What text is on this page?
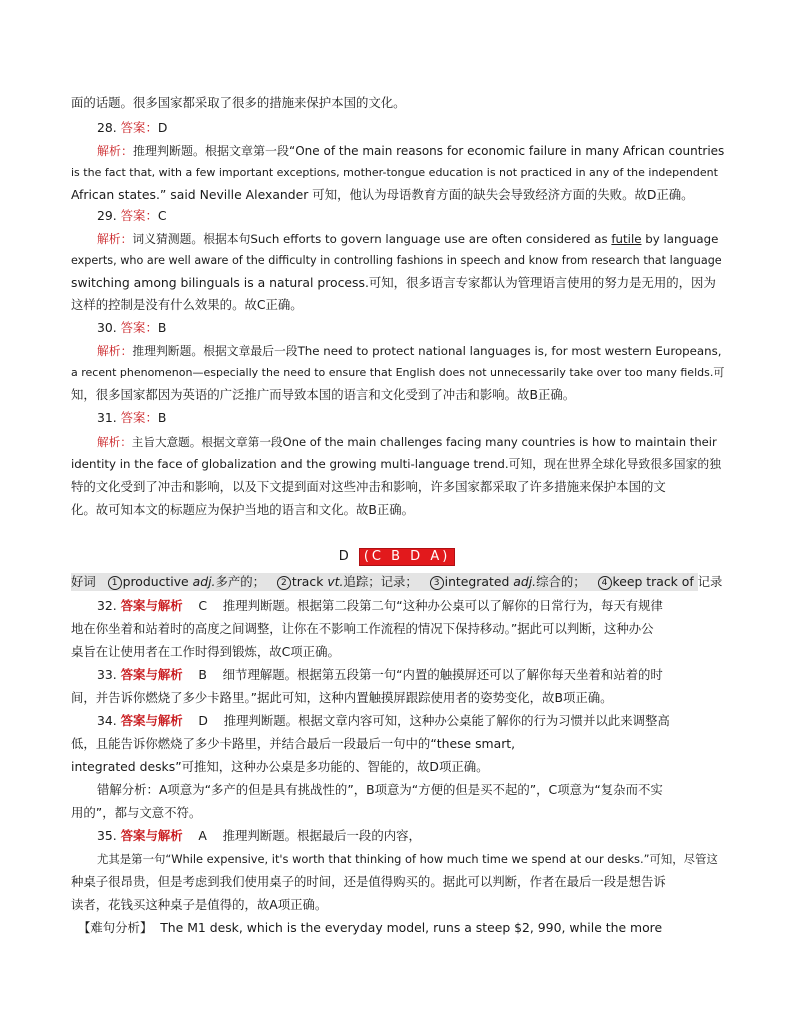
面的话题。很多国家都采取了很多的措施来保护本国的文化。
28. 答案：D
解析：推理判断题。根据文章第一段“One of the main reasons for economic failure in many African countries
is the fact that, with a few important exceptions, mother-tongue education is not practiced in any of the independent
African states.” said Neville Alexander 可知，他认为母语教育方面的缺失会导致经济方面的失败。故D正确。
29. 答案：C
解析：词义猜测题。根据本句Such efforts to govern language use are often considered as futile by language
experts, who are well aware of the difficulty in controlling fashions in speech and know from research that language
switching among bilinguals is a natural process.可知，很多语言专家都认为管理语言使用的努力是无用的，因为
这样的控制是没有什么效果的。故C正确。
30. 答案：B
解析：推理判断题。根据文章最后一段The need to protect national languages is, for most western Europeans,
a recent phenomenon—especially the need to ensure that English does not unnecessarily take over too many fields.可
知，很多国家都因为英语的广泛推广而导致本国的语言和文化受到了冲击和影响。故B正确。
31. 答案：B
解析：主旨大意题。根据文章第一段One of the main challenges facing many countries is how to maintain their
identity in the face of globalization and the growing multi-language trend.可知，现在世界全球化导致很多国家的独
特的文化受到了冲击和影响，以及下文提到面对这些冲击和影响，许多国家都采取了许多措施来保护本国的文
化。故可知本文的标题应为保护当地的语言和文化。故B正确。
D (C B D A)
好词 1 productive adj.多产的； 2 track vt.追踪；记录； 3 integrated adj.综合的； 4 keep track of 记录
32. 答案与解析 C 推理判断题。根据第二段第二句“这种办公桌可以了解你的日常行为，每天有规律
地在你坐着和站着时的高度之间调整，让你在不影响工作流程的情况下保持移动。”据此可以判断，这种办公
桌旨在让使用者在工作时得到锻炼，故C项正确。
33. 答案与解析 B 细节理解题。根据第五段第一句“内置的触摸屏还可以了解你每天坐着和站着的时
间，并告诉你燃烧了多少卡路里。”据此可知，这种内置触摸屏跟踪使用者的姿势变化，故B项正确。
34. 答案与解析 D 推理判断题。根据文章内容可知，这种办公桌能了解你的行为习惯并以此来调整高
低，且能告诉你燃烧了多少卡路里，并结合最后一段最后一句中的“these smart,
integrated desks”可推知，这种办公桌是多功能的、智能的，故D项正确。
错解分析：A项意为“多产的但是具有挑战性的”，B项意为“方便的但是买不起的”，C项意为“复杂而不实
用的”，都与文意不符。
35. 答案与解析 A 推理判断题。根据最后一段的内容，
尤其是第一句“While expensive, it's worth that thinking of how much time we spend at our desks.”可知，尽管这
种桌子很昂贵，但是考虑到我们使用桌子的时间，还是值得购买的。据此可以判断，作者在最后一段是想告诉
读者，花钱买这种桌子是值得的，故A项正确。
【难句分析】 The M1 desk, which is the everyday model, runs a steep $2, 990, while the more
